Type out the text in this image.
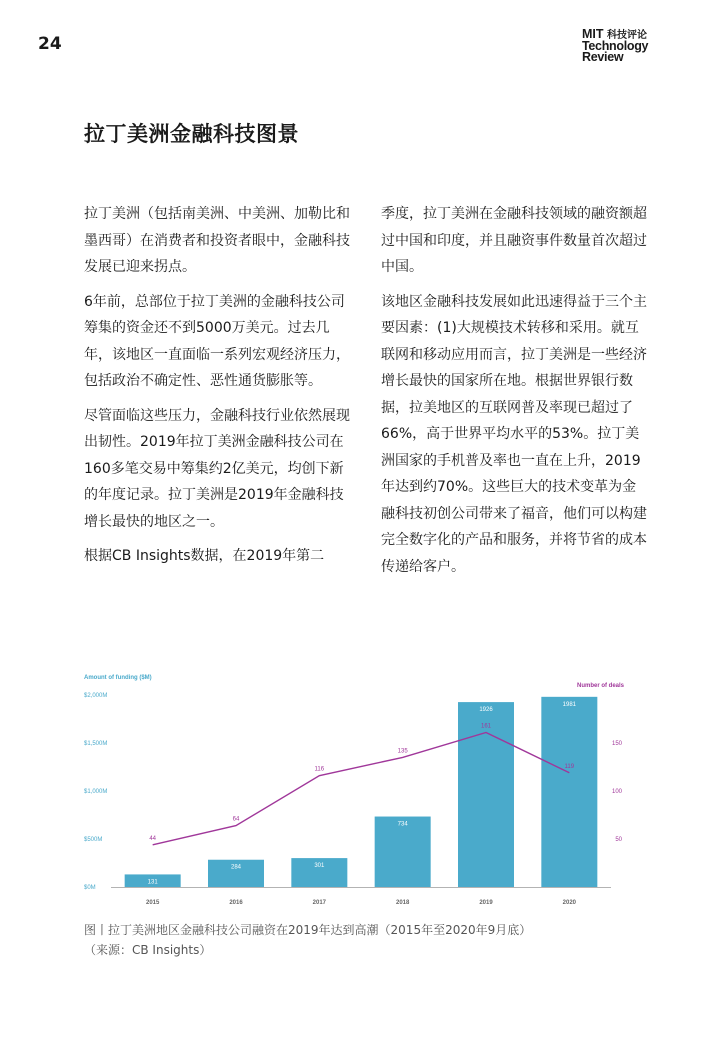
24	MIT 科技评论
Technology
Review
拉丁美洲金融科技图景

拉丁美洲（包括南美洲、中美洲、加勒比和墨西哥）在消费者和投资者眼中，金融科技发展已迎来拐点。

6年前，总部位于拉丁美洲的金融科技公司筹集的资金还不到5000万美元。过去几年，该地区一直面临一系列宏观经济压力，包括政治不确定性、恶性通货膨胀等。

尽管面临这些压力，金融科技行业依然展现出韧性。2019年拉丁美洲金融科技公司在160多笔交易中筹集约2亿美元，均创下新的年度记录。拉丁美洲是2019年金融科技增长最快的地区之一。

根据CB Insights数据，在2019年第二

季度，拉丁美洲在金融科技领域的融资额超过中国和印度，并且融资事件数量首次超过中国。

该地区金融科技发展如此迅速得益于三个主要因素：(1)大规模技术转移和采用。就互联网和移动应用而言，拉丁美洲是一些经济增长最快的国家所在地。根据世界银行数据，拉美地区的互联网普及率现已超过了66%，高于世界平均水平的53%。拉丁美洲国家的手机普及率也一直在上升，2019年达到约70%。这些巨大的技术变革为金融科技初创公司带来了福音，他们可以构建完全数字化的产品和服务，并将节省的成本传递给客户。

Amount of funding ($M)
Number of deals
$0M
$500M
$1,000M
$1,500M
$2,000M
50
100
150
131
284	301
734
1926
1981
2015	2016	2017	2018	2019	2020
44
64
116
135
161
119
图丨拉丁美洲地区金融科技公司融资在2019年达到高潮（2015年至2020年9月底）
（来源：CB Insights）
